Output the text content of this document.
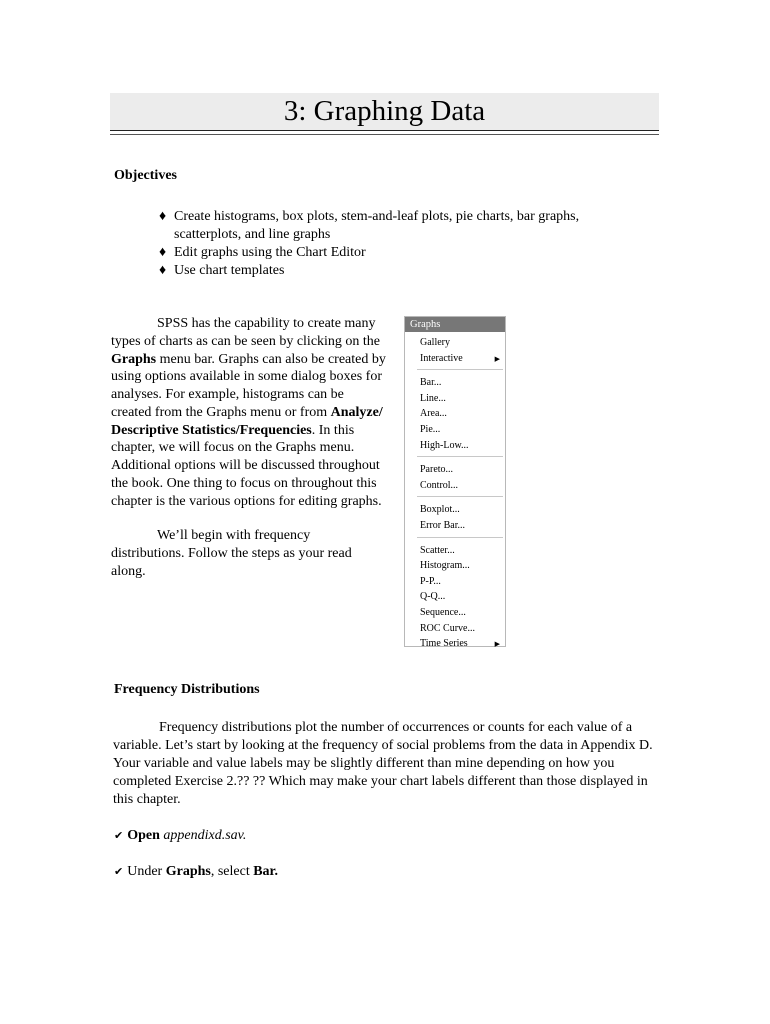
3: Graphing Data
Objectives
♦ Create histograms, box plots, stem-and-leaf plots, pie charts, bar graphs,
scatterplots, and line graphs
♦ Edit graphs using the Chart Editor
♦ Use chart templates

SPSS has the capability to create many types of charts as can be seen by clicking on the Graphs menu bar. Graphs can also be created by using options available in some dialog boxes for analyses. For example, histograms can be created from the Graphs menu or from Analyze/ Descriptive Statistics/Frequencies. In this chapter, we will focus on the Graphs menu. Additional options will be discussed throughout the book. One thing to focus on throughout this chapter is the various options for editing graphs.

We’ll begin with frequency distributions. Follow the steps as your read along.

Graphs
Gallery
Interactive	▶
Bar...
Line...
Area...
Pie...
High-Low...
Pareto...
Control...
Boxplot...
Error Bar...
Scatter...
Histogram...
P-P...
Q-Q...
Sequence...
ROC Curve...
Time Series	▶
Frequency Distributions

Frequency distributions plot the number of occurrences or counts for each value of a variable. Let’s start by looking at the frequency of social problems from the data in Appendix D. Your variable and value labels may be slightly different than mine depending on how you completed Exercise 2.?? ?? Which may make your chart labels different than those displayed in this chapter.

✔ Open appendixd.sav.
✔ Under Graphs, select Bar.
